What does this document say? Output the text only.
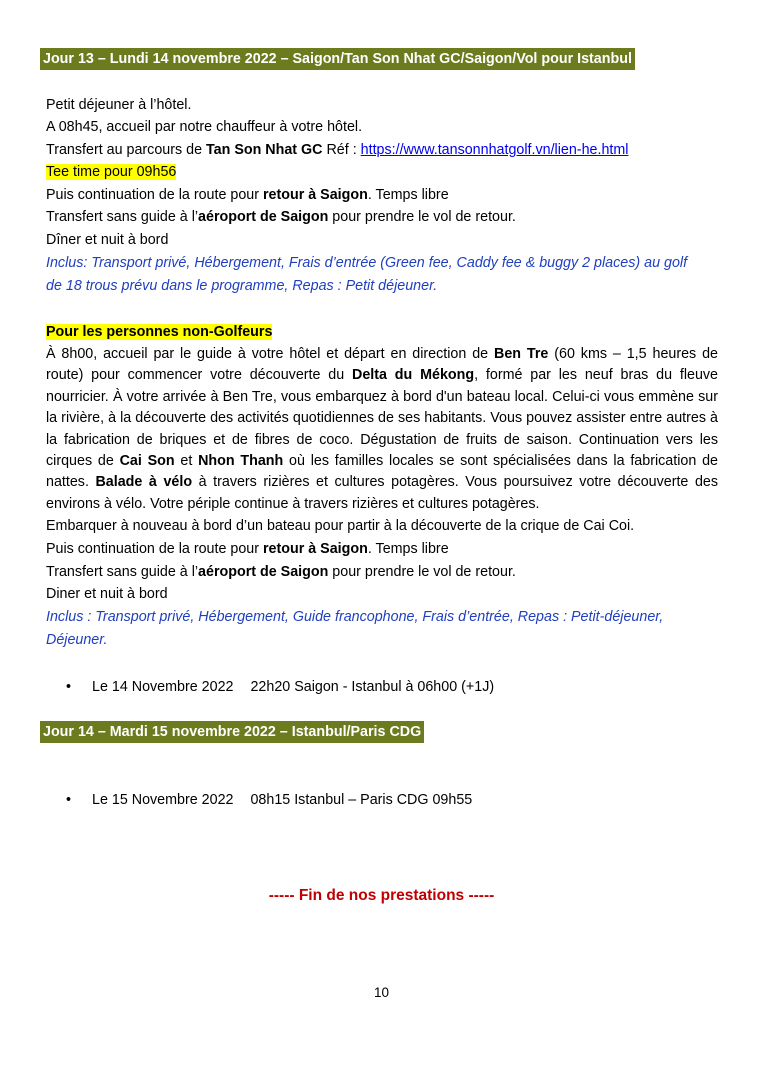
Jour 13 – Lundi 14 novembre 2022 – Saigon/Tan Son Nhat GC/Saigon/Vol pour Istanbul
Petit déjeuner à l’hôtel.
A 08h45, accueil par notre chauffeur à votre hôtel.
Transfert au parcours de Tan Son Nhat GC Réf : https://www.tansonnhatgolf.vn/lien-he.html
Tee time pour 09h56
Puis continuation de la route pour retour à Saigon. Temps libre
Transfert sans guide à l’aéroport de Saigon pour prendre le vol de retour.
Dîner et nuit à bord
Inclus: Transport privé, Hébergement, Frais d’entrée (Green fee, Caddy fee & buggy 2 places) au golf
de 18 trous prévu dans le programme, Repas : Petit déjeuner.
Pour les personnes non-Golfeurs
À 8h00, accueil par le guide à votre hôtel et départ en direction de Ben Tre (60 kms – 1,5 heures de route) pour commencer votre découverte du Delta du Mékong, formé par les neuf bras du fleuve nourricier. À votre arrivée à Ben Tre, vous embarquez à bord d'un bateau local. Celui-ci vous emmène sur la rivière, à la découverte des activités quotidiennes de ses habitants. Vous pouvez assister entre autres à la fabrication de briques et de fibres de coco. Dégustation de fruits de saison. Continuation vers les cirques de Cai Son et Nhon Thanh où les familles locales se sont spécialisées dans la fabrication de nattes. Balade à vélo à travers rizières et cultures potagères. Vous poursuivez votre découverte des environs à vélo. Votre périple continue à travers rizières et cultures potagères.
Embarquer à nouveau à bord d’un bateau pour partir à la découverte de la crique de Cai Coi.
Puis continuation de la route pour retour à Saigon. Temps libre
Transfert sans guide à l’aéroport de Saigon pour prendre le vol de retour.
Diner et nuit à bord
Inclus : Transport privé, Hébergement, Guide francophone, Frais d’entrée, Repas : Petit-déjeuner,
Déjeuner.
• Le 14 Novembre 2022 22h20 Saigon - Istanbul à 06h00 (+1J)
Jour 14 – Mardi 15 novembre 2022 – Istanbul/Paris CDG
• Le 15 Novembre 2022 08h15 Istanbul – Paris CDG 09h55
----- Fin de nos prestations -----
10
